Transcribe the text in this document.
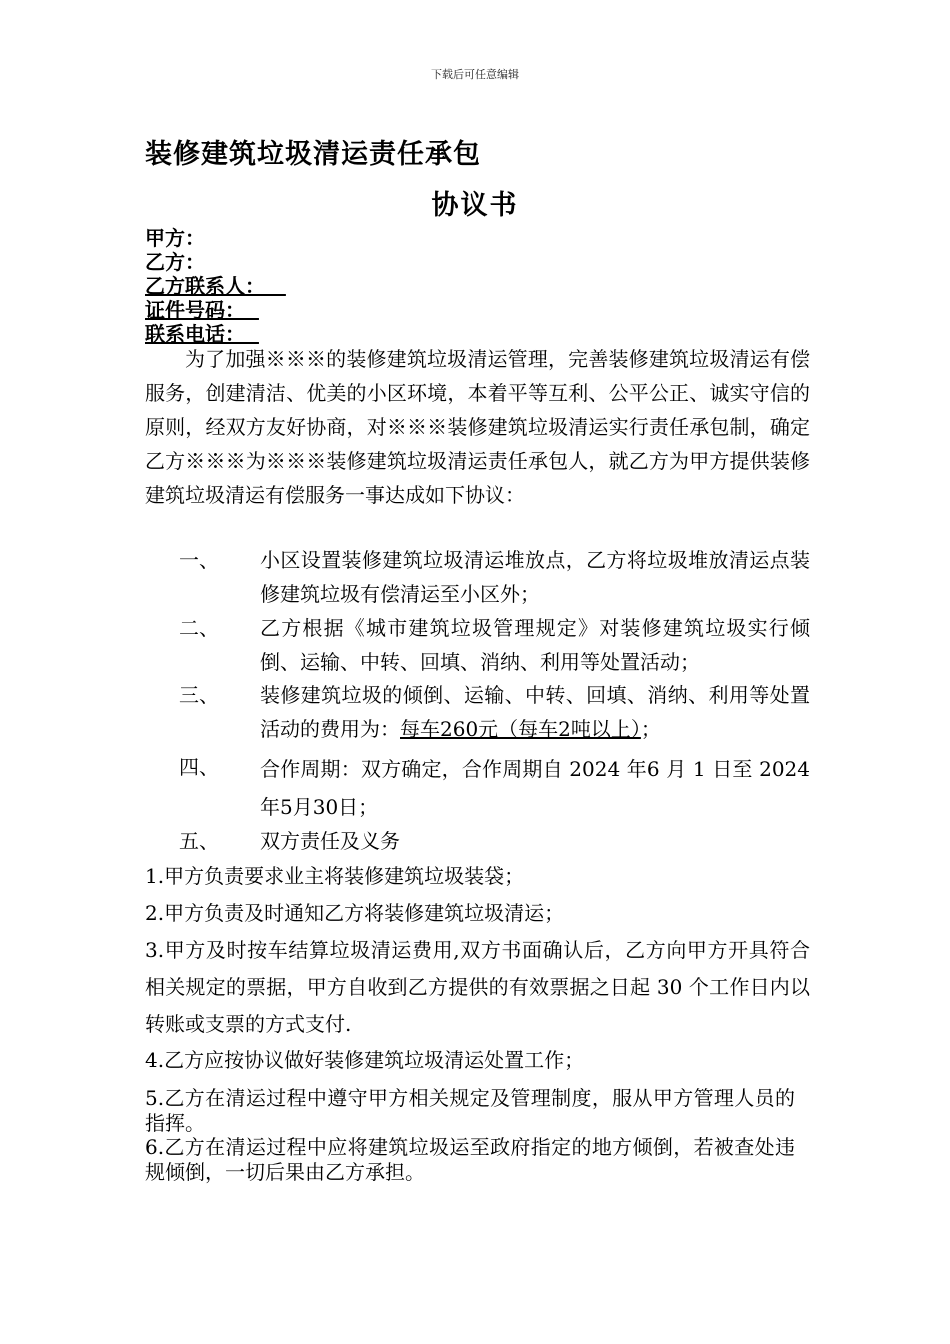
下载后可任意编辑
装修建筑垃圾清运责任承包
协议书
甲方：
乙方：
乙方联系人：
证件号码：
联系电话：
为了加强※※※的装修建筑垃圾清运管理，完善装修建筑垃圾清运有偿服务，创建清洁、优美的小区环境，本着平等互利、公平公正、诚实守信的原则，经双方友好协商，对※※※装修建筑垃圾清运实行责任承包制，确定乙方※※※为※※※装修建筑垃圾清运责任承包人，就乙方为甲方提供装修建筑垃圾清运有偿服务一事达成如下协议：
一、 小区设置装修建筑垃圾清运堆放点，乙方将垃圾堆放清运点装修建筑垃圾有偿清运至小区外；
二、 乙方根据《城市建筑垃圾管理规定》对装修建筑垃圾实行倾倒、运输、中转、回填、消纳、利用等处置活动；
三、 装修建筑垃圾的倾倒、运输、中转、回填、消纳、利用等处置活动的费用为：每车260元（每车2吨以上）；
四、 合作周期：双方确定，合作周期自 2024 年6 月 1 日至 2024年5月30日；
五、 双方责任及义务
1.甲方负责要求业主将装修建筑垃圾装袋；
2.甲方负责及时通知乙方将装修建筑垃圾清运；
3.甲方及时按车结算垃圾清运费用,双方书面确认后，乙方向甲方开具符合相关规定的票据，甲方自收到乙方提供的有效票据之日起 30 个工作日内以转账或支票的方式支付.
4.乙方应按协议做好装修建筑垃圾清运处置工作；
5.乙方在清运过程中遵守甲方相关规定及管理制度，服从甲方管理人员的指挥。
6.乙方在清运过程中应将建筑垃圾运至政府指定的地方倾倒，若被查处违规倾倒，一切后果由乙方承担。
